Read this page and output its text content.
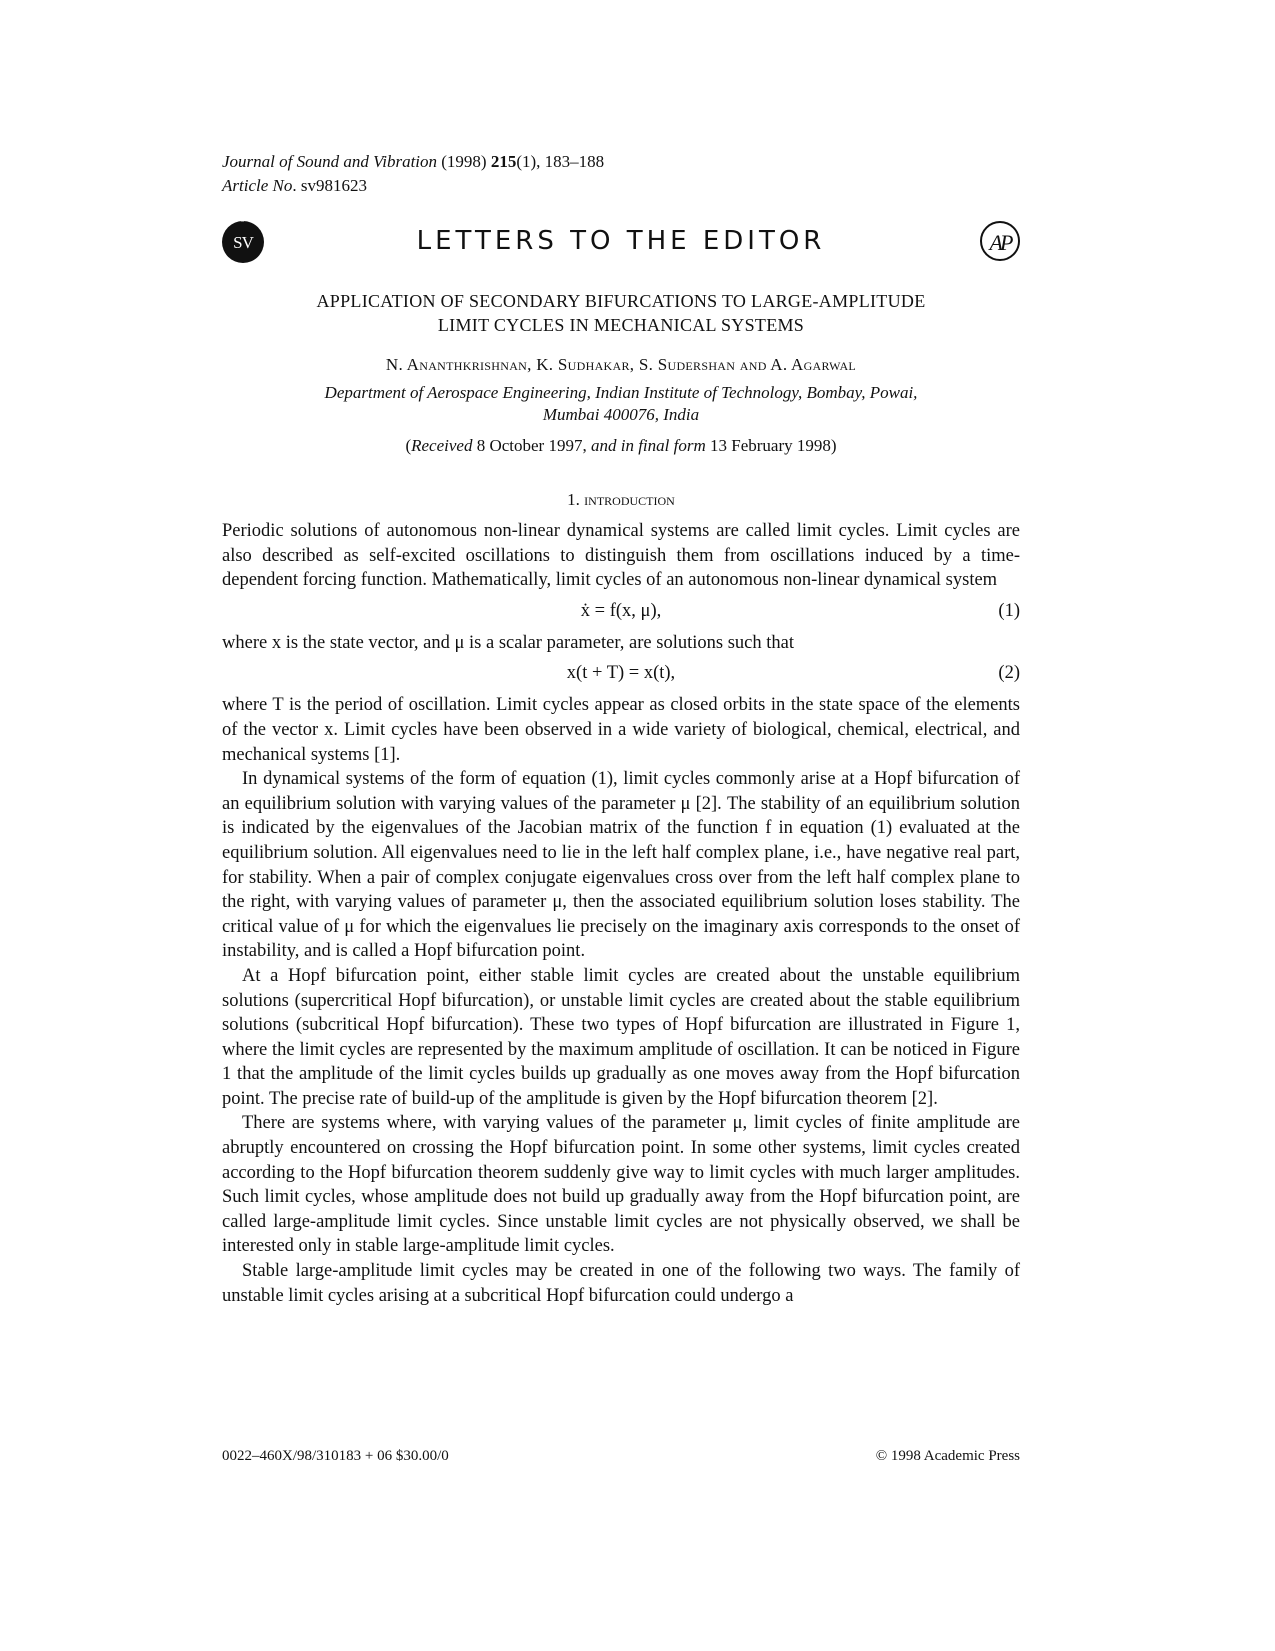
Journal of Sound and Vibration (1998) 215(1), 183–188
Article No. sv981623
J
SV	LETTERS TO THE EDITOR	AP
APPLICATION OF SECONDARY BIFURCATIONS TO LARGE-AMPLITUDE
LIMIT CYCLES IN MECHANICAL SYSTEMS
N. Ananthkrishnan, K. Sudhakar, S. Sudershan and A. Agarwal
Department of Aerospace Engineering, Indian Institute of Technology, Bombay, Powai,
Mumbai 400076, India
(Received 8 October 1997, and in final form 13 February 1998)
1. introduction

Periodic solutions of autonomous non-linear dynamical systems are called limit cycles. Limit cycles are also described as self-excited oscillations to distinguish them from oscillations induced by a time-dependent forcing function. Mathematically, limit cycles of an autonomous non-linear dynamical system

ẋ = f(x, μ),	(1)

where x is the state vector, and μ is a scalar parameter, are solutions such that

x(t + T) = x(t),	(2)

where T is the period of oscillation. Limit cycles appear as closed orbits in the state space of the elements of the vector x. Limit cycles have been observed in a wide variety of biological, chemical, electrical, and mechanical systems [1].

In dynamical systems of the form of equation (1), limit cycles commonly arise at a Hopf bifurcation of an equilibrium solution with varying values of the parameter μ [2]. The stability of an equilibrium solution is indicated by the eigenvalues of the Jacobian matrix of the function f in equation (1) evaluated at the equilibrium solution. All eigenvalues need to lie in the left half complex plane, i.e., have negative real part, for stability. When a pair of complex conjugate eigenvalues cross over from the left half complex plane to the right, with varying values of parameter μ, then the associated equilibrium solution loses stability. The critical value of μ for which the eigenvalues lie precisely on the imaginary axis corresponds to the onset of instability, and is called a Hopf bifurcation point.

At a Hopf bifurcation point, either stable limit cycles are created about the unstable equilibrium solutions (supercritical Hopf bifurcation), or unstable limit cycles are created about the stable equilibrium solutions (subcritical Hopf bifurcation). These two types of Hopf bifurcation are illustrated in Figure 1, where the limit cycles are represented by the maximum amplitude of oscillation. It can be noticed in Figure 1 that the amplitude of the limit cycles builds up gradually as one moves away from the Hopf bifurcation point. The precise rate of build-up of the amplitude is given by the Hopf bifurcation theorem [2].

There are systems where, with varying values of the parameter μ, limit cycles of finite amplitude are abruptly encountered on crossing the Hopf bifurcation point. In some other systems, limit cycles created according to the Hopf bifurcation theorem suddenly give way to limit cycles with much larger amplitudes. Such limit cycles, whose amplitude does not build up gradually away from the Hopf bifurcation point, are called large-amplitude limit cycles. Since unstable limit cycles are not physically observed, we shall be interested only in stable large-amplitude limit cycles.

Stable large-amplitude limit cycles may be created in one of the following two ways. The family of unstable limit cycles arising at a subcritical Hopf bifurcation could undergo a

0022–460X/98/310183 + 06 $30.00/0	© 1998 Academic Press
